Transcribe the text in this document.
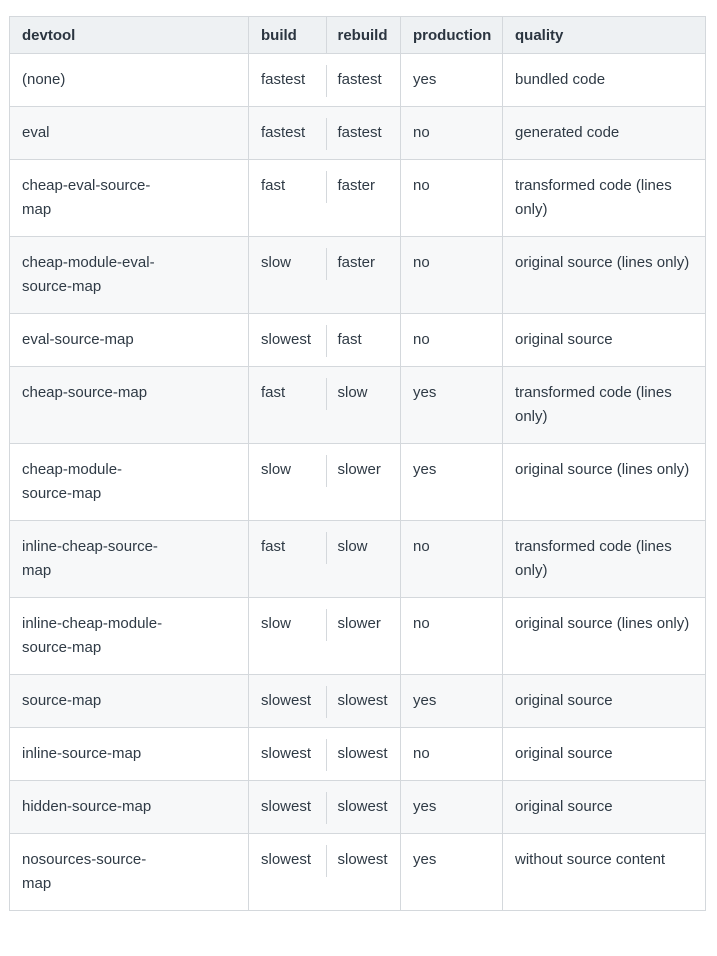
devtool	build	rebuild	production	quality
(none)	fastest	fastest	yes	bundled code
eval	fastest	fastest	no	generated code
cheap-eval-source-map	fast	faster	no	transformed code (lines only)
cheap-module-eval-source-map	slow	faster	no	original source (lines only)
eval-source-map	slowest	fast	no	original source
cheap-source-map	fast	slow	yes	transformed code (lines only)
cheap-module-source-map	slow	slower	yes	original source (lines only)
inline-cheap-source-map	fast	slow	no	transformed code (lines only)
inline-cheap-module-source-map	slow	slower	no	original source (lines only)
source-map	slowest	slowest	yes	original source
inline-source-map	slowest	slowest	no	original source
hidden-source-map	slowest	slowest	yes	original source
nosources-source-map	slowest	slowest	yes	without source content
